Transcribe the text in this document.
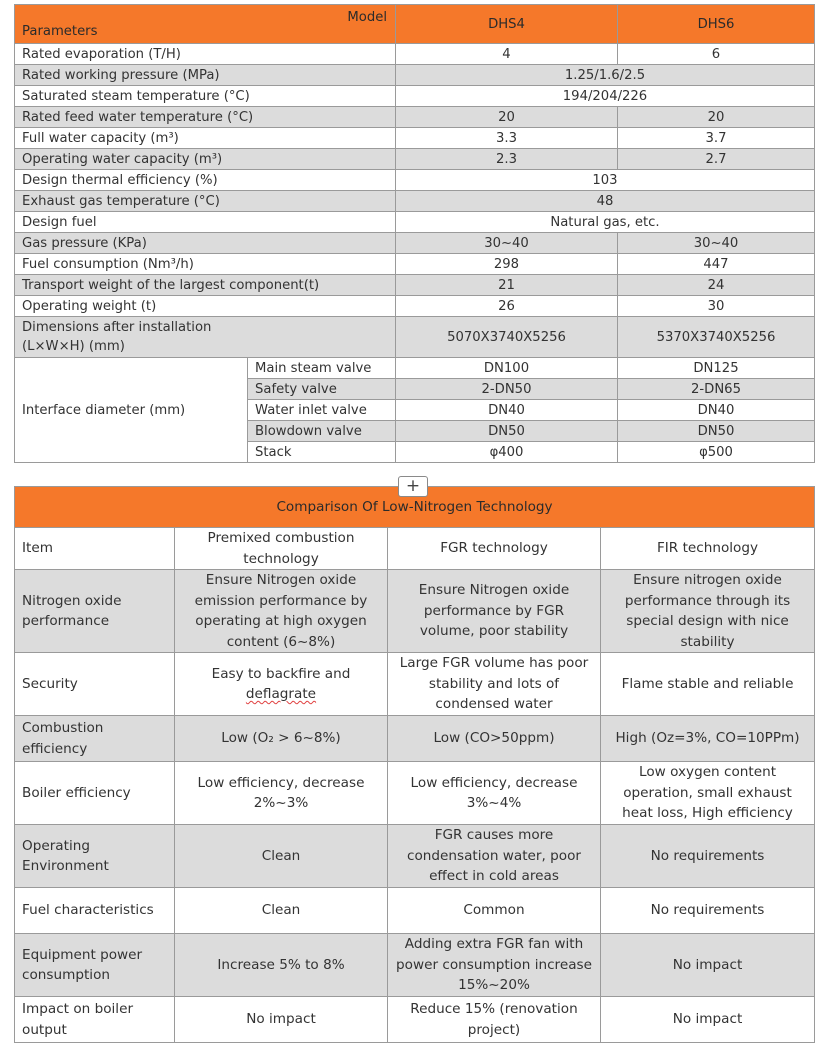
Model
Parameters		DHS4	DHS6
Rated evaporation (T/H)		4	6
Rated working pressure (MPa)		1.25/1.6/2.5	
Saturated steam temperature (°C)		194/204/226	
Rated feed water temperature (°C)		20	20
Full water capacity (m³)		3.3	3.7
Operating water capacity (m³)		2.3	2.7
Design thermal efficiency (%)		103	
Exhaust gas temperature (°C)		48	
Design fuel		Natural gas, etc.	
Gas pressure (KPa)		30~40	30~40
Fuel consumption (Nm³/h)		298	447
Transport weight of the largest component(t)		21	24
Operating weight (t)		26	30

Dimensions after installation
(L×W×H) (mm)		5070X3740X5256	5370X3740X5256
Interface diameter (mm)	Main steam valve	DN100	DN125
	Safety valve	2-DN50	2-DN65
	Water inlet valve	DN40	DN40
	Blowdown valve	DN50	DN50
	Stack	φ400	φ500
Comparison Of Low-Nitrogen Technology			
Item	Premixed combustion technology	FGR technology	FIR technology
Nitrogen oxide performance	Ensure Nitrogen oxide emission performance by operating at high oxygen content (6~8%)	Ensure Nitrogen oxide performance by FGR volume, poor stability	Ensure nitrogen oxide performance through its special design with nice stability
Security	Easy to backfire and deflagrate	Large FGR volume has poor stability and lots of condensed water	Flame stable and reliable
Combustion efficiency	Low (O₂ > 6~8%)	Low (CO>50ppm)	High (Oz=3%, CO=10PPm)
Boiler efficiency	Low efficiency, decrease 2%~3%	Low efficiency, decrease 3%~4%	Low oxygen content operation, small exhaust heat loss, High efficiency
Operating Environment	Clean	FGR causes more condensation water, poor effect in cold areas	No requirements
Fuel characteristics	Clean	Common	No requirements
Equipment power consumption	Increase 5% to 8%	Adding extra FGR fan with power consumption increase 15%~20%	No impact
Impact on boiler output	No impact	Reduce 15% (renovation project)	No impact
+
